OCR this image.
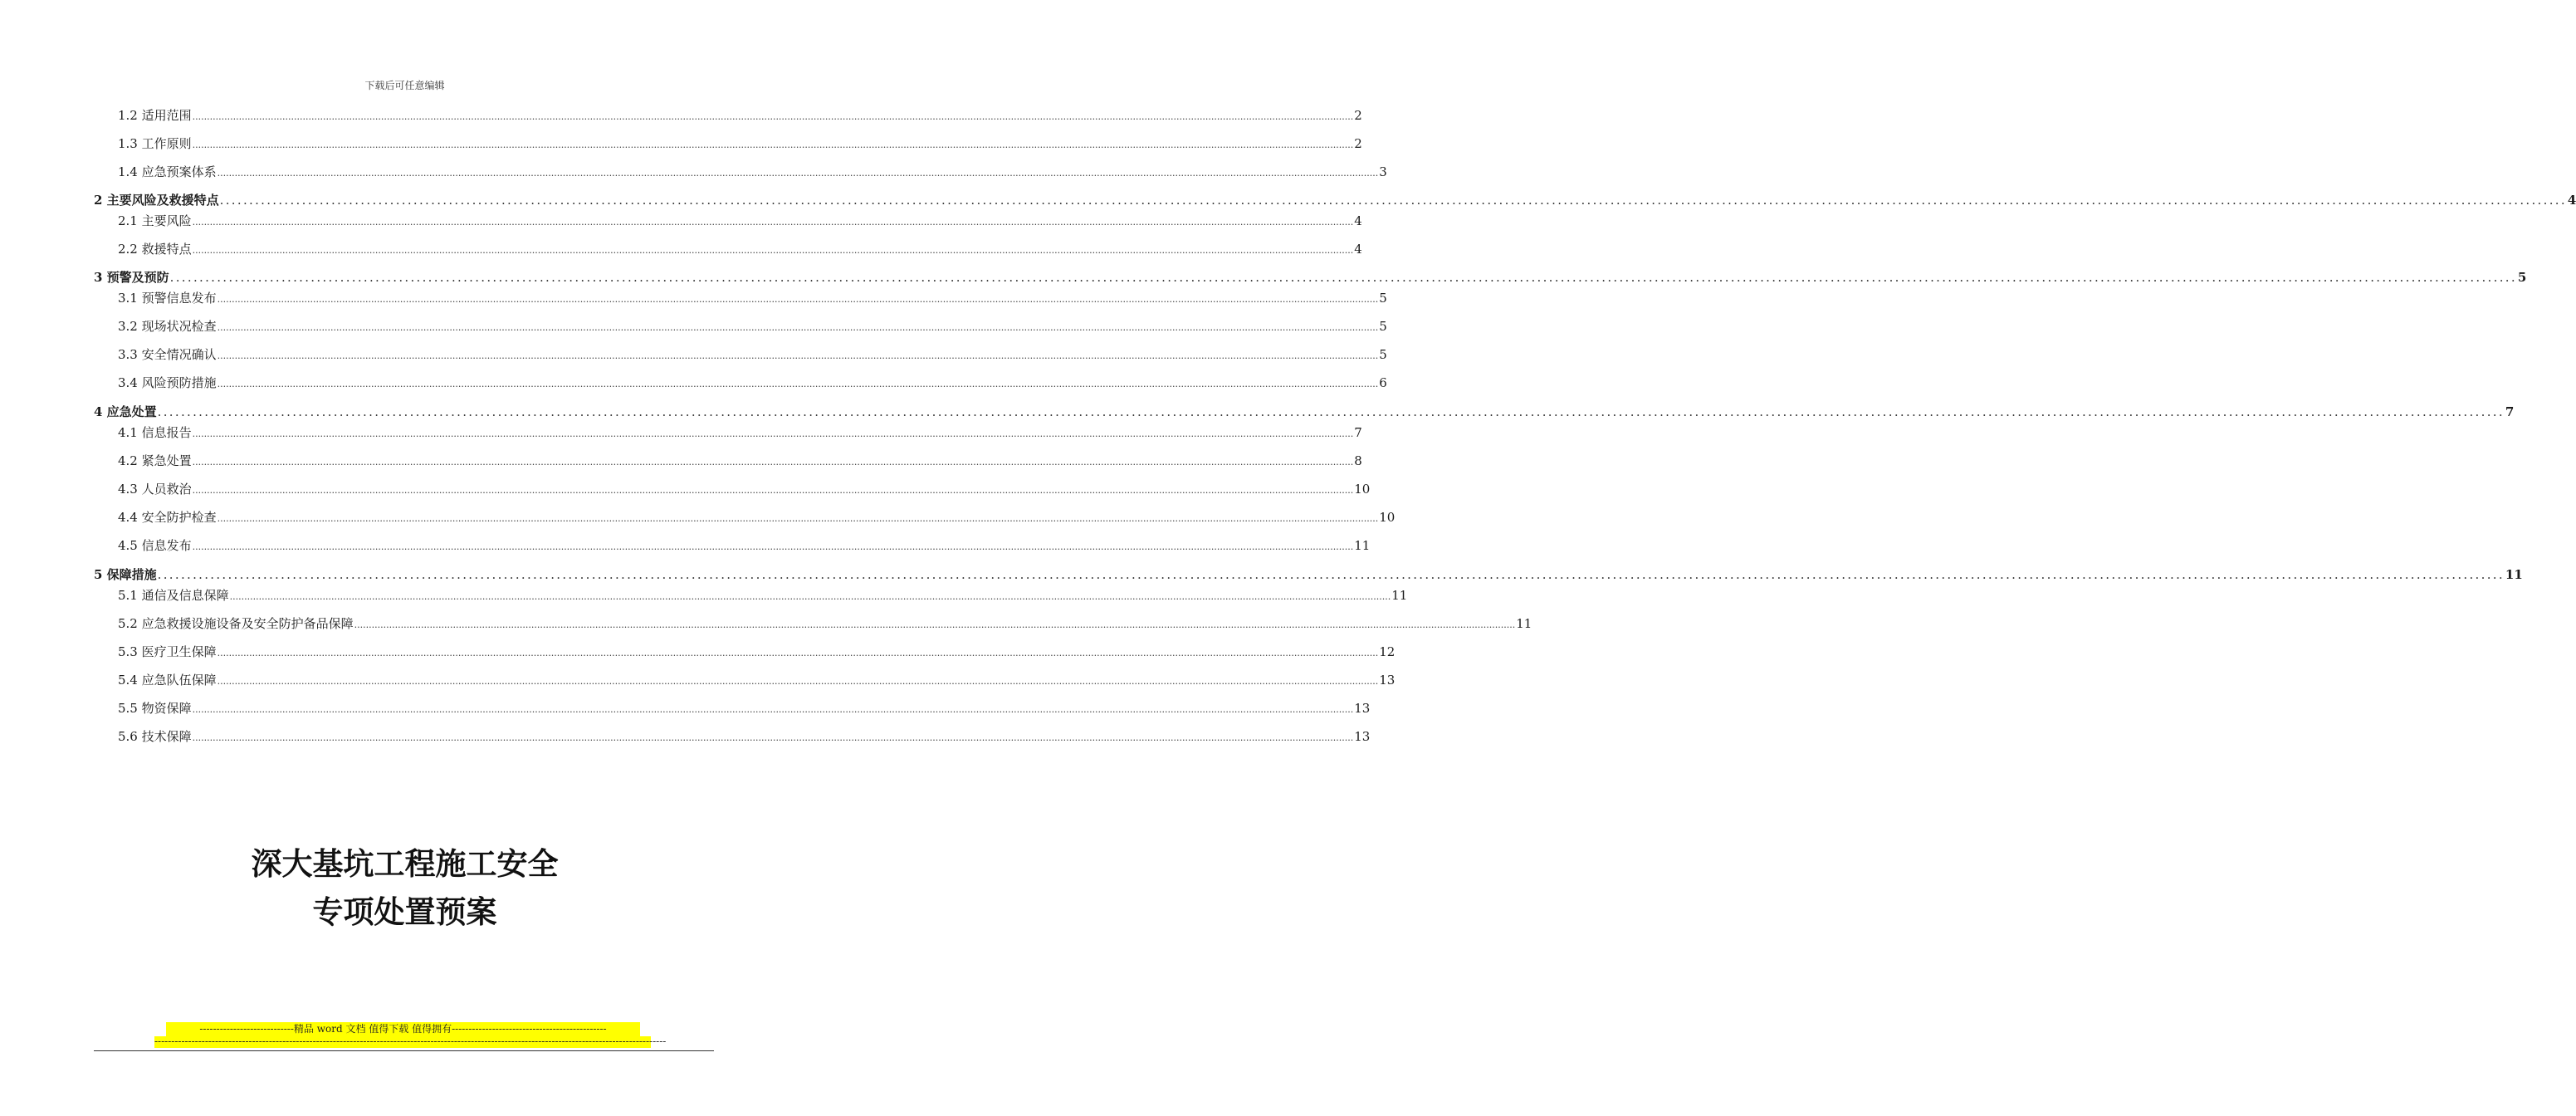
下载后可任意编辑
1.2 适用范围 ................................................................................................................................................................................................................................................................................................................................................................................................................ 2
1.3 工作原则 ................................................................................................................................................................................................................................................................................................................................................................................................................ 2
1.4 应急预案体系 ................................................................................................................................................................................................................................................................................................................................................................................................................ 3
2 主要风险及救援特点 ................................................................................................................................................................................................................................................................................................................................................................................................................ 4
2.1 主要风险 ................................................................................................................................................................................................................................................................................................................................................................................................................ 4
2.2 救援特点 ................................................................................................................................................................................................................................................................................................................................................................................................................ 4
3 预警及预防 ................................................................................................................................................................................................................................................................................................................................................................................................................ 5
3.1 预警信息发布 ................................................................................................................................................................................................................................................................................................................................................................................................................ 5
3.2 现场状况检查 ................................................................................................................................................................................................................................................................................................................................................................................................................ 5
3.3 安全情况确认 ................................................................................................................................................................................................................................................................................................................................................................................................................ 5
3.4 风险预防措施 ................................................................................................................................................................................................................................................................................................................................................................................................................ 6
4 应急处置 ................................................................................................................................................................................................................................................................................................................................................................................................................ 7
4.1 信息报告 ................................................................................................................................................................................................................................................................................................................................................................................................................ 7
4.2 紧急处置 ................................................................................................................................................................................................................................................................................................................................................................................................................ 8
4.3 人员救治 ................................................................................................................................................................................................................................................................................................................................................................................................................ 10
4.4 安全防护检查 ................................................................................................................................................................................................................................................................................................................................................................................................................ 10
4.5 信息发布 ................................................................................................................................................................................................................................................................................................................................................................................................................ 11
5 保障措施 ................................................................................................................................................................................................................................................................................................................................................................................................................ 11
5.1 通信及信息保障 ................................................................................................................................................................................................................................................................................................................................................................................................................ 11
5.2 应急救援设施设备及安全防护备品保障 ................................................................................................................................................................................................................................................................................................................................................................................................................ 11
5.3 医疗卫生保障 ................................................................................................................................................................................................................................................................................................................................................................................................................ 12
5.4 应急队伍保障 ................................................................................................................................................................................................................................................................................................................................................................................................................ 13
5.5 物资保障 ................................................................................................................................................................................................................................................................................................................................................................................................................ 13
5.6 技术保障 ................................................................................................................................................................................................................................................................................................................................................................................................................ 13
深大基坑工程施工安全
专项处置预案
----------------------------精品 word 文档 值得下载 值得拥有----------------------------------------------
--------------------------------------------------------------------------------------------------------------------------------------------------------
